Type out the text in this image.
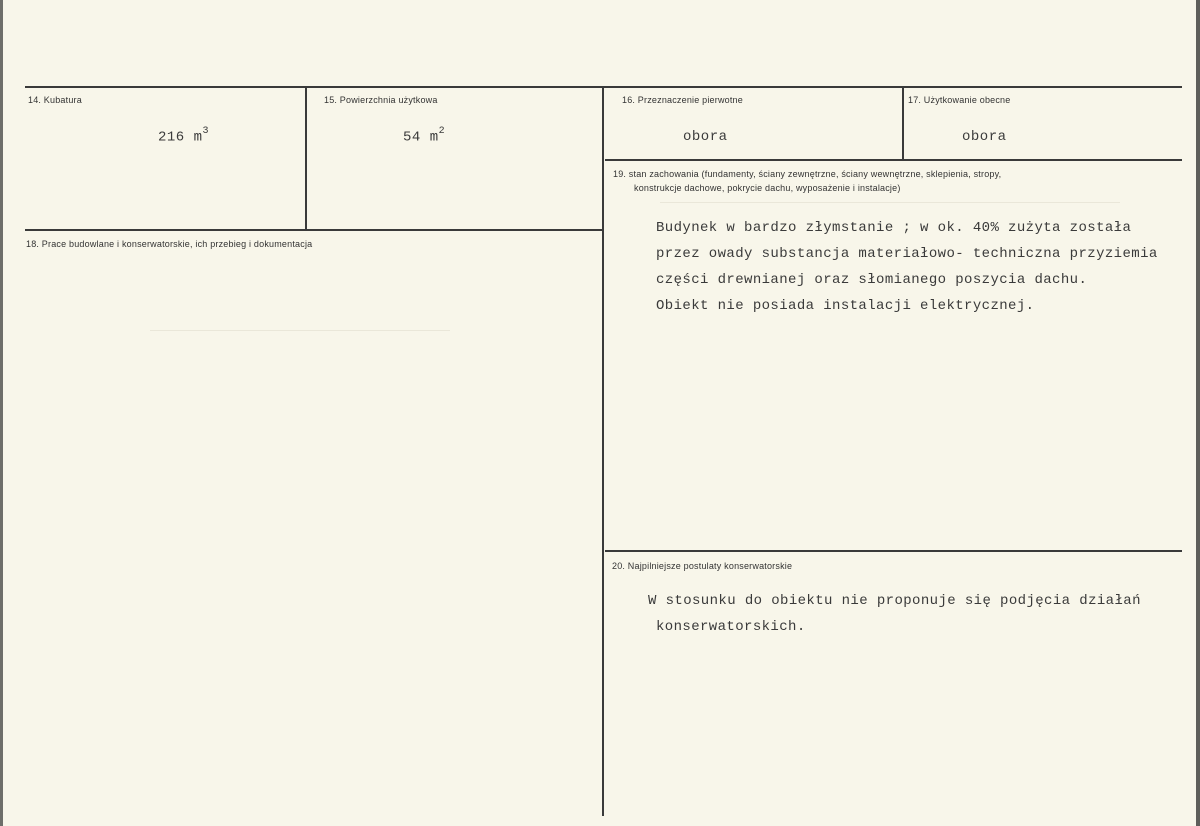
14. Kubatura
216 $m^3$
15. Powierzchnia użytkowa
54 $m^2$
16. Przeznaczenie pierwotne
obora
17. Użytkowanie obecne
obora
18. Prace budowlane i konserwatorskie, ich przebieg i dokumentacja
19. stan zachowania (fundamenty, ściany zewnętrzne, ściany wewnętrzne, sklepienia, stropy,
konstrukcje dachowe, pokrycie dachu, wyposażenie i instalacje)
Budynek w bardzo złymstanie ; w ok. 40% zużyta została
przez owady substancja materiałowo- techniczna przyziemia
części drewnianej oraz słomianego poszycia dachu.
Obiekt nie posiada instalacji elektrycznej.
20. Najpilniejsze postulaty konserwatorskie
W stosunku do obiektu nie proponuje się podjęcia działań
konserwatorskich.
